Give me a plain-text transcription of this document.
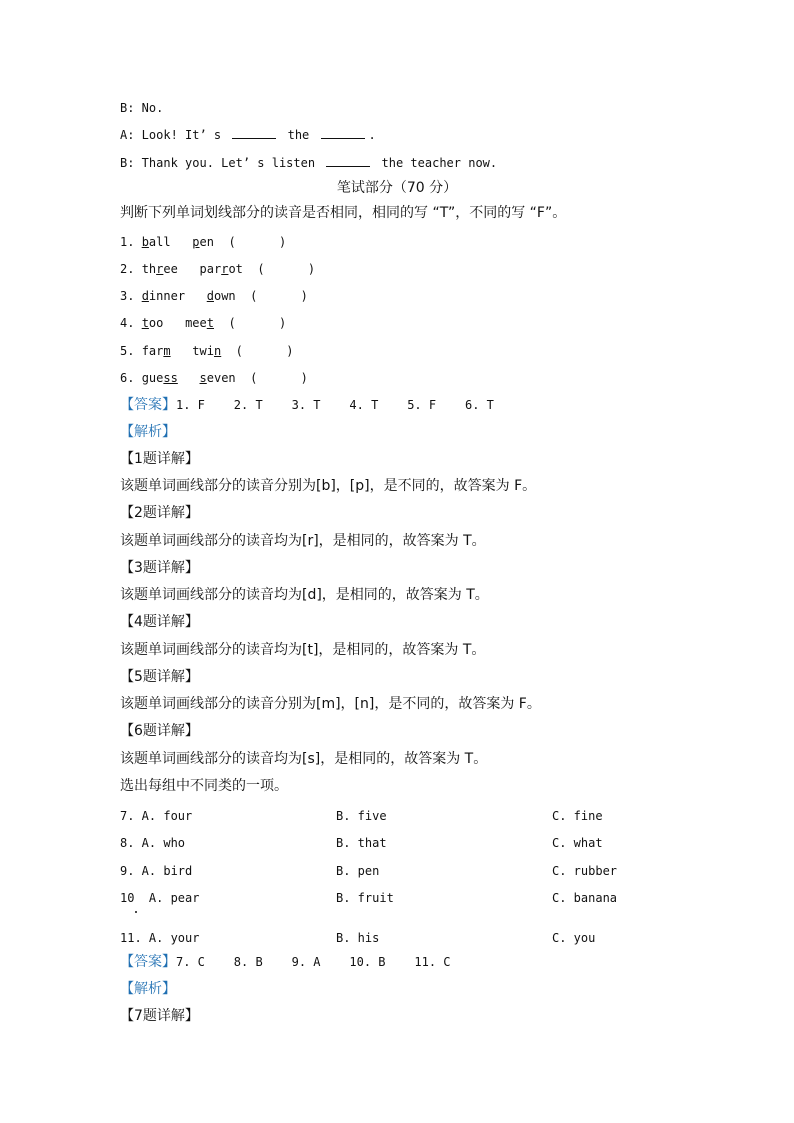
B: No.
A: Look! It’ s	the	.
B: Thank you. Let’ s listen	the teacher now.
笔试部分（70 分）
判断下列单词划线部分的读音是否相同，相同的写 “T”，不同的写 “F”。
1. ball pen (      )
2. three parrot (      )
3. dinner down (      )
4. too meet (      )
5. farm twin (      )
6. guess seven (      )
【答案】1. F    2. T    3. T    4. T    5. F    6. T
【解析】
【1题详解】
该题单词画线部分的读音分别为[b]，[p]，是不同的，故答案为 F。
【2题详解】
该题单词画线部分的读音均为[r]，是相同的，故答案为 T。
【3题详解】
该题单词画线部分的读音均为[d]，是相同的，故答案为 T。
【4题详解】
该题单词画线部分的读音均为[t]，是相同的，故答案为 T。
【5题详解】
该题单词画线部分的读音分别为[m]，[n]，是不同的，故答案为 F。
【6题详解】
该题单词画线部分的读音均为[s]，是相同的，故答案为 T。
选出每组中不同类的一项。
7. A. four	B. five	C. fine
8. A. who	B. that	C. what
9. A. bird	B. pen	C. rubber
10  A. pear	B. fruit	C. banana
11. A. your	B. his	C. you
【答案】7. C    8. B    9. A    10. B    11. C
【解析】
【7题详解】
